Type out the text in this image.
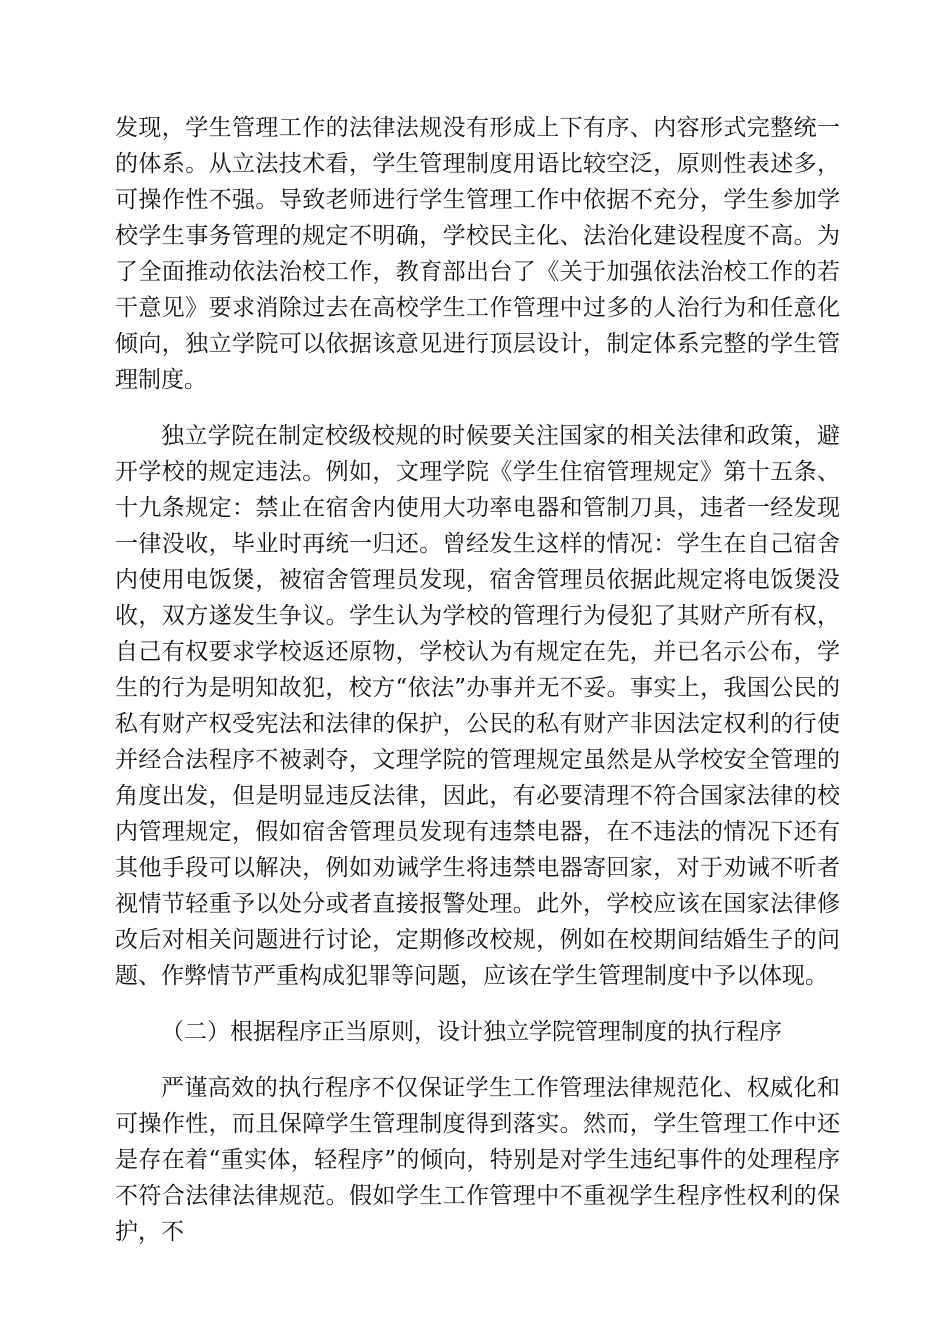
发现，学生管理工作的法律法规没有形成上下有序、内容形式完整统一的体系。从立法技术看，学生管理制度用语比较空泛，原则性表述多，可操作性不强。导致老师进行学生管理工作中依据不充分，学生参加学校学生事务管理的规定不明确，学校民主化、法治化建设程度不高。为了全面推动依法治校工作，教育部出台了《关于加强依法治校工作的若干意见》要求消除过去在高校学生工作管理中过多的人治行为和任意化倾向，独立学院可以依据该意见进行顶层设计，制定体系完整的学生管理制度。

独立学院在制定校级校规的时候要关注国家的相关法律和政策，避开学校的规定违法。例如，文理学院《学生住宿管理规定》第十五条、十九条规定：禁止在宿舍内使用大功率电器和管制刀具，违者一经发现一律没收，毕业时再统一归还。曾经发生这样的情况：学生在自己宿舍内使用电饭煲，被宿舍管理员发现，宿舍管理员依据此规定将电饭煲没收，双方遂发生争议。学生认为学校的管理行为侵犯了其财产所有权，自己有权要求学校返还原物，学校认为有规定在先，并已名示公布，学生的行为是明知故犯，校方“依法”办事并无不妥。事实上，我国公民的私有财产权受宪法和法律的保护，公民的私有财产非因法定权利的行使并经合法程序不被剥夺，文理学院的管理规定虽然是从学校安全管理的角度出发，但是明显违反法律，因此，有必要清理不符合国家法律的校内管理规定，假如宿舍管理员发现有违禁电器，在不违法的情况下还有其他手段可以解决，例如劝诫学生将违禁电器寄回家，对于劝诫不听者视情节轻重予以处分或者直接报警处理。此外，学校应该在国家法律修改后对相关问题进行讨论，定期修改校规，例如在校期间结婚生子的问题、作弊情节严重构成犯罪等问题，应该在学生管理制度中予以体现。

（二）根据程序正当原则，设计独立学院管理制度的执行程序

严谨高效的执行程序不仅保证学生工作管理法律规范化、权威化和可操作性，而且保障学生管理制度得到落实。然而，学生管理工作中还是存在着“重实体，轻程序”的倾向，特别是对学生违纪事件的处理程序不符合法律法律规范。假如学生工作管理中不重视学生程序性权利的保护，不
